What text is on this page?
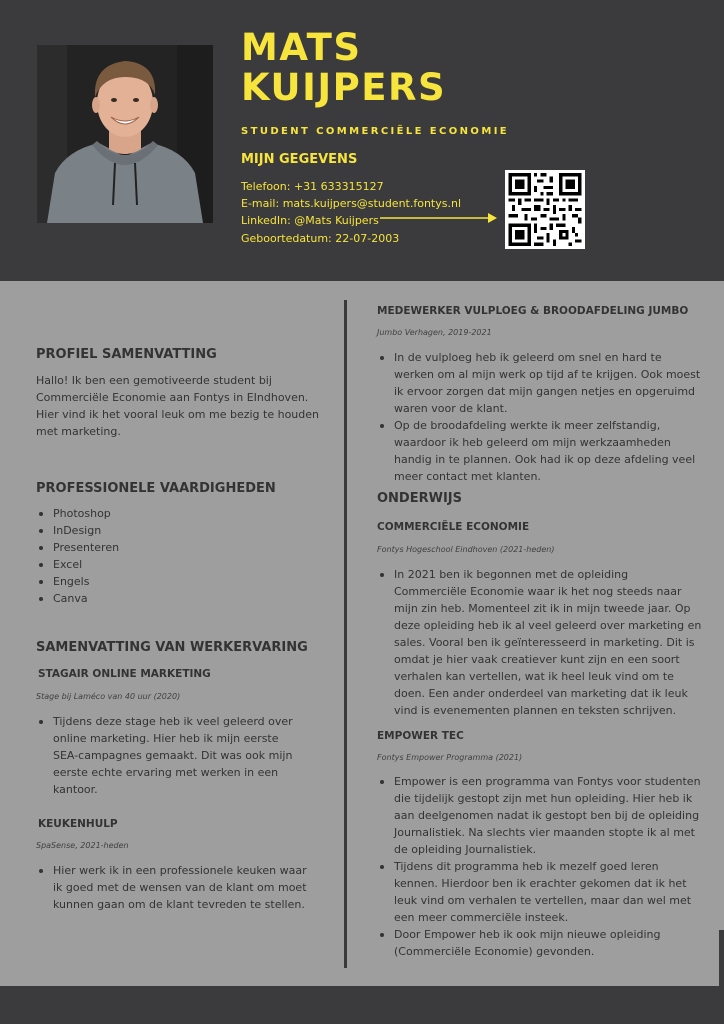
MATS
KUIJPERS
STUDENT COMMERCIËLE ECONOMIE
MIJN GEGEVENS
Telefoon: +31 633315127
E-mail: mats.kuijpers@student.fontys.nl
LinkedIn: @Mats Kuijpers
Geboortedatum: 22-07-2003
PROFIEL SAMENVATTING
Hallo! Ik ben een gemotiveerde student bij Commerciële Economie aan Fontys in EIndhoven. Hier vind ik het vooral leuk om me bezig te houden met marketing.
PROFESSIONELE VAARDIGHEDEN
Photoshop
InDesign
Presenteren
Excel
Engels
Canva
SAMENVATTING VAN WERKERVARING
STAGAIR ONLINE MARKETING
Stage bij Laméco van 40 uur (2020)
Tijdens deze stage heb ik veel geleerd over online marketing. Hier heb ik mijn eerste SEA-campagnes gemaakt. Dit was ook mijn eerste echte ervaring met werken in een kantoor.
KEUKENHULP
SpaSense, 2021-heden
Hier werk ik in een professionele keuken waar ik goed met de wensen van de klant om moet kunnen gaan om de klant tevreden te stellen.
MEDEWERKER VULPLOEG & BROODAFDELING JUMBO
Jumbo Verhagen, 2019-2021
In de vulploeg heb ik geleerd om snel en hard te werken om al mijn werk op tijd af te krijgen. Ook moest ik ervoor zorgen dat mijn gangen netjes en opgeruimd waren voor de klant.
Op de broodafdeling werkte ik meer zelfstandig, waardoor ik heb geleerd om mijn werkzaamheden handig in te plannen. Ook had ik op deze afdeling veel meer contact met klanten.
ONDERWIJS
COMMERCIËLE ECONOMIE
Fontys Hogeschool Eindhoven (2021-heden)
In 2021 ben ik begonnen met de opleiding Commerciële Economie waar ik het nog steeds naar mijn zin heb. Momenteel zit ik in mijn tweede jaar. Op deze opleiding heb ik al veel geleerd over marketing en sales. Vooral ben ik geïnteresseerd in marketing. Dit is omdat je hier vaak creatiever kunt zijn en een soort verhalen kan vertellen, wat ik heel leuk vind om te doen. Een ander onderdeel van marketing dat ik leuk vind is evenementen plannen en teksten schrijven.
EMPOWER TEC
Fontys Empower Programma (2021)
Empower is een programma van Fontys voor studenten die tijdelijk gestopt zijn met hun opleiding. Hier heb ik aan deelgenomen nadat ik gestopt ben bij de opleiding Journalistiek. Na slechts vier maanden stopte ik al met de opleiding Journalistiek.
Tijdens dit programma heb ik mezelf goed leren kennen. Hierdoor ben ik erachter gekomen dat ik het leuk vind om verhalen te vertellen, maar dan wel met een meer commerciële insteek.
Door Empower heb ik ook mijn nieuwe opleiding (Commerciële Economie) gevonden.
